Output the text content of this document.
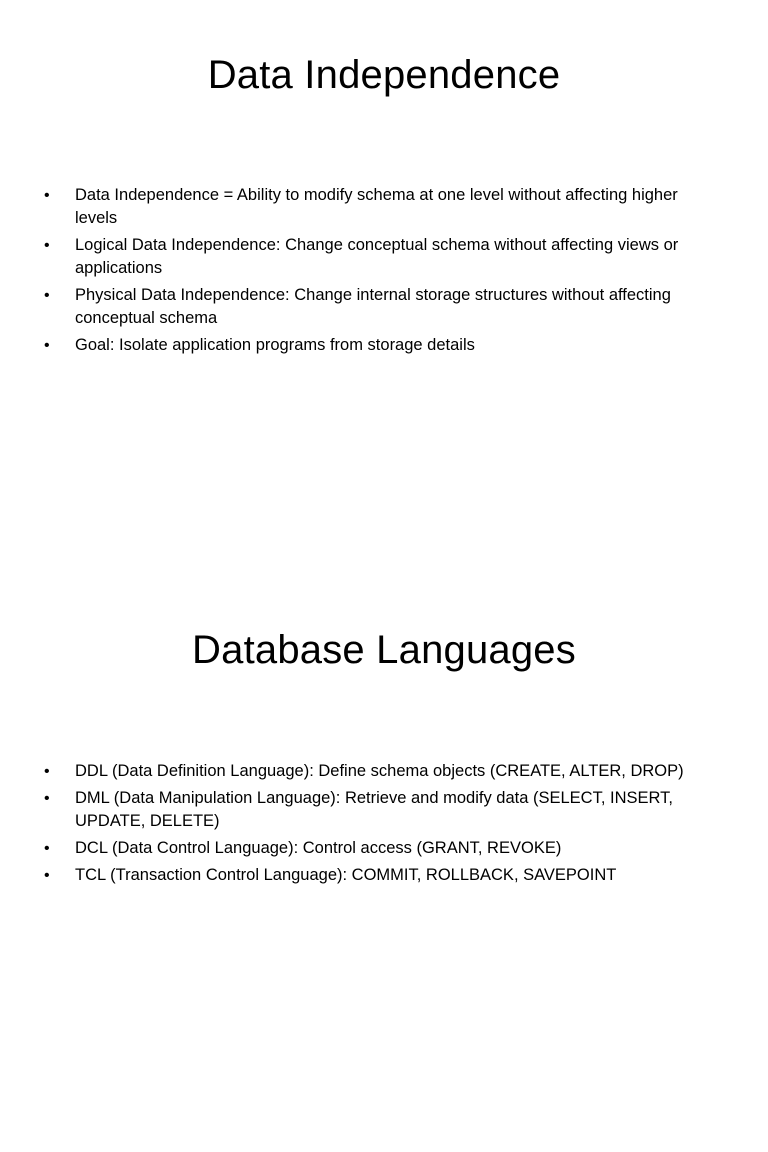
Data Independence
•	Data Independence = Ability to modify schema at one level without affecting higher levels
•	Logical Data Independence: Change conceptual schema without affecting views or applications
•	Physical Data Independence: Change internal storage structures without affecting conceptual schema
•	Goal: Isolate application programs from storage details
Database Languages
•	DDL (Data Definition Language): Define schema objects (CREATE, ALTER, DROP)
•	DML (Data Manipulation Language): Retrieve and modify data (SELECT, INSERT, UPDATE, DELETE)
•	DCL (Data Control Language): Control access (GRANT, REVOKE)
•	TCL (Transaction Control Language): COMMIT, ROLLBACK, SAVEPOINT
